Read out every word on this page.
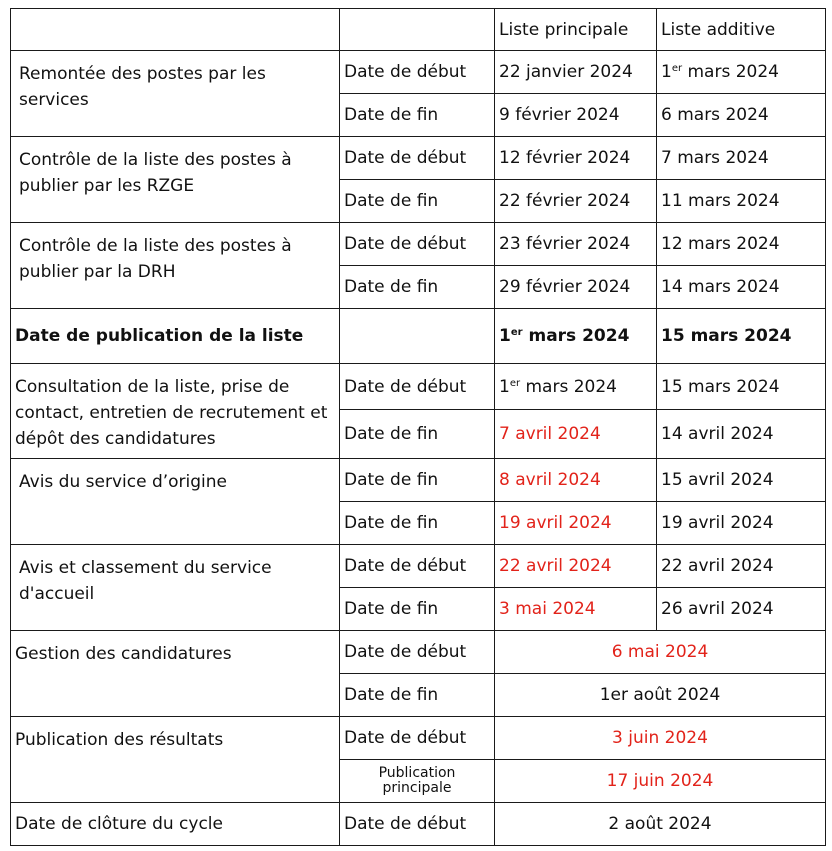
		Liste principale	Liste additive
Remontée des postes par les services	Date de début	22 janvier 2024	1er mars 2024
	Date de fin	9 février 2024	6 mars 2024
Contrôle de la liste des postes à publier par les RZGE	Date de début	12 février 2024	7 mars 2024
	Date de fin	22 février 2024	11 mars 2024
Contrôle de la liste des postes à publier par la DRH	Date de début	23 février 2024	12 mars 2024
	Date de fin	29 février 2024	14 mars 2024
Date de publication de la liste		1er mars 2024	15 mars 2024
Consultation de la liste, prise de contact, entretien de recrutement et dépôt des candidatures	Date de début	1er mars 2024	15 mars 2024
	Date de fin	7 avril 2024	14 avril 2024
Avis du service d’origine	Date de fin	8 avril 2024	15 avril 2024
	Date de fin	19 avril 2024	19 avril 2024
Avis et classement du service d'accueil	Date de début	22 avril 2024	22 avril 2024
	Date de fin	3 mai 2024	26 avril 2024
Gestion des candidatures	Date de début	6 mai 2024	
	Date de fin	1er août 2024	
Publication des résultats	Date de début	3 juin 2024	

	Publication principale	17 juin 2024	
Date de clôture du cycle	Date de début	2 août 2024	
